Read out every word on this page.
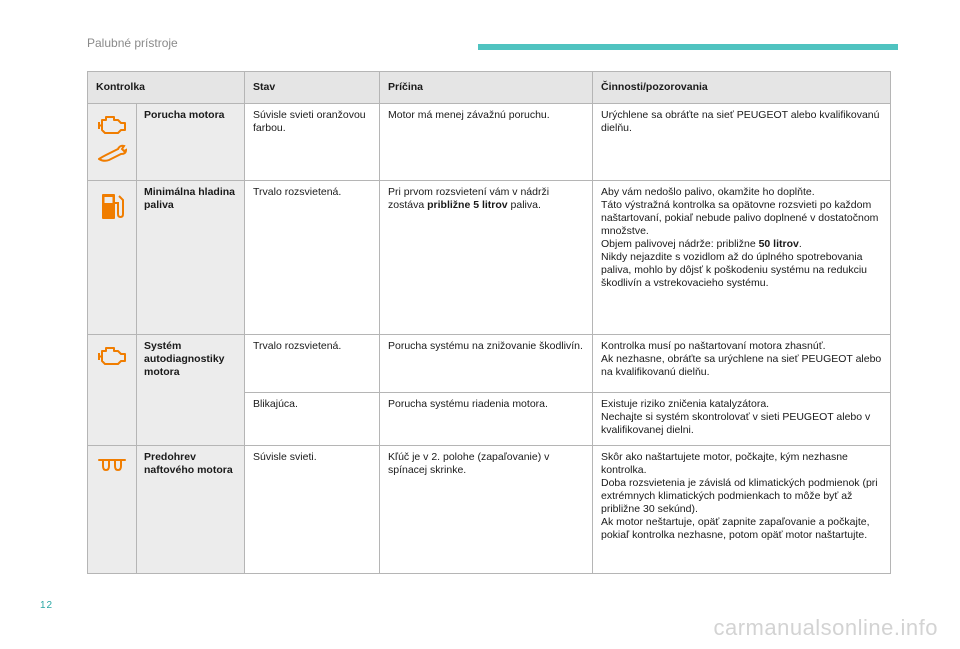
Palubné prístroje
Kontrolka		Stav	Príčina	Činnosti/pozorovania

	Porucha motora	Súvisle svieti oranžovou farbou.	Motor má menej závažnú poruchu.	Urýchlene sa obráťte na sieť PEUGEOT alebo kvalifikovanú dielňu.

	Minimálna hladina paliva	Trvalo rozsvietená.	Pri prvom rozsvietení vám v nádrži zostáva približne 5 litrov paliva.	Aby vám nedošlo palivo, okamžite ho doplňte.
Táto výstražná kontrolka sa opätovne rozsvieti po každom naštartovaní, pokiaľ nebude palivo doplnené v dostatočnom množstve.
Objem palivovej nádrže: približne 50 litrov.
Nikdy nejazdite s vozidlom až do úplného spotrebovania paliva, mohlo by dôjsť k poškodeniu systému na redukciu škodlivín a vstrekovacieho systému.

	Systém autodiagnostiky motora	Trvalo rozsvietená.	Porucha systému na znižovanie škodlivín.	Kontrolka musí po naštartovaní motora zhasnúť.
Ak nezhasne, obráťte sa urýchlene na sieť PEUGEOT alebo na kvalifikovanú dielňu.

		Blikajúca.	Porucha systému riadenia motora.	Existuje riziko zničenia katalyzátora.
Nechajte si systém skontrolovať v sieti PEUGEOT alebo v kvalifikovanej dielni.

	Predohrev naftového motora	Súvisle svieti.	Kľúč je v 2. polohe (zapaľovanie) v spínacej skrinke.	Skôr ako naštartujete motor, počkajte, kým nezhasne kontrolka.
Doba rozsvietenia je závislá od klimatických podmienok (pri extrémnych klimatických podmienkach to môže byť až približne 30 sekúnd).
Ak motor neštartuje, opäť zapnite zapaľovanie a počkajte, pokiaľ kontrolka nezhasne, potom opäť motor naštartujte.
12
carmanualsonline.info
